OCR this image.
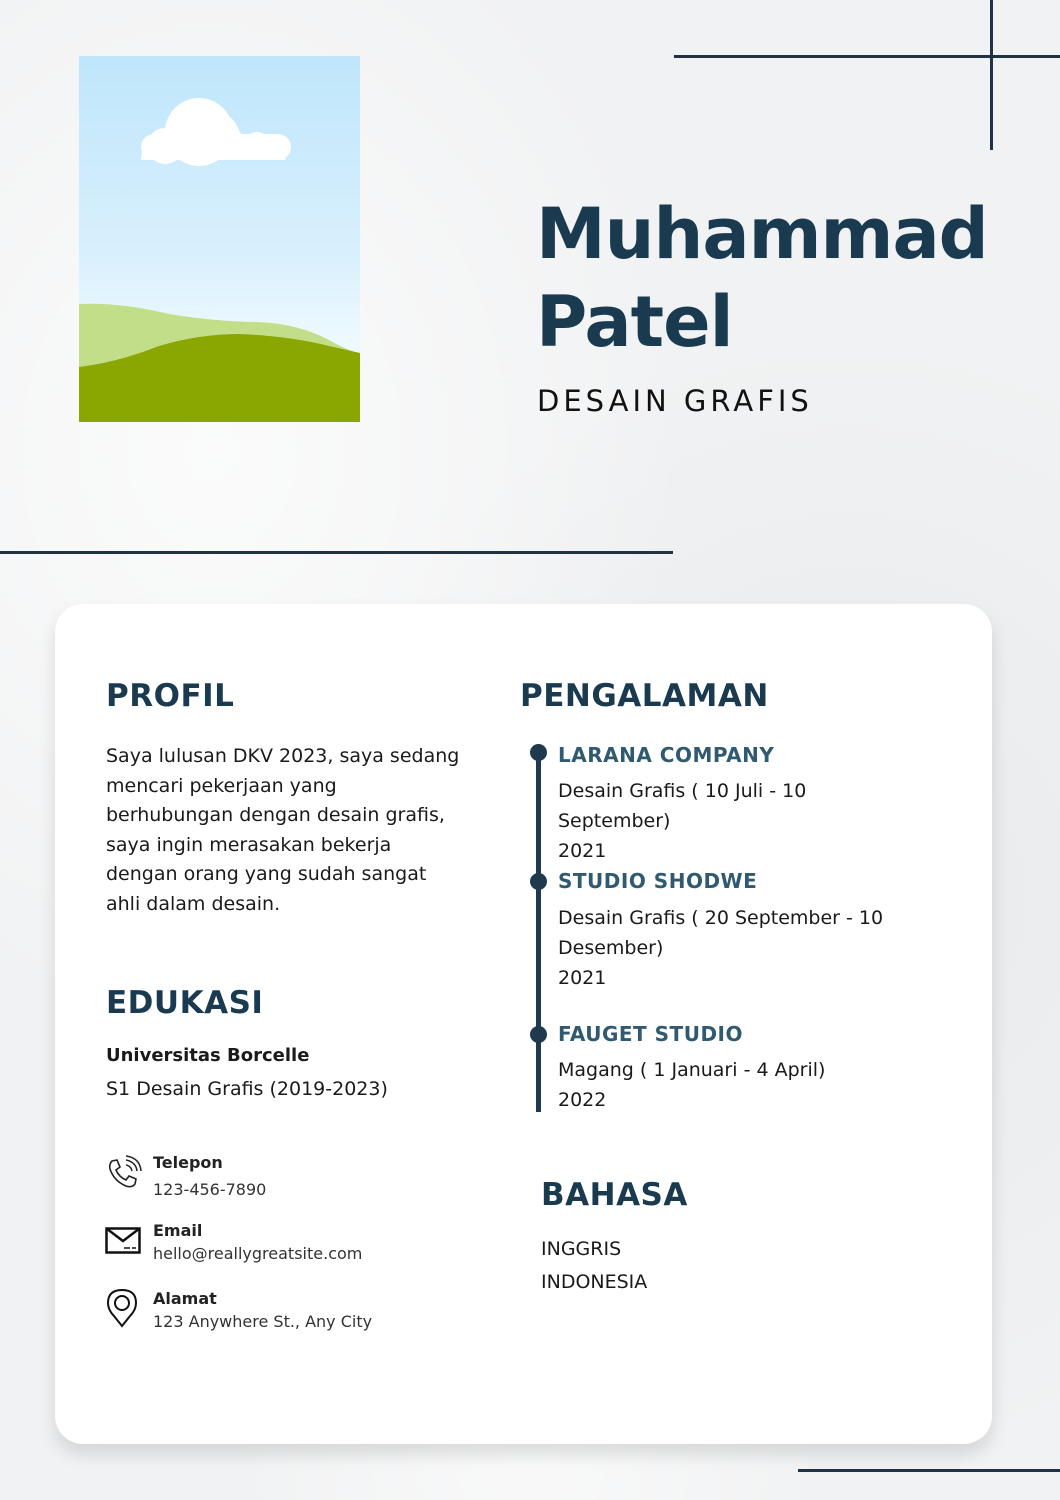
Muhammad
Patel
DESAIN GRAFIS
PROFIL
Saya lulusan DKV 2023, saya sedang
mencari pekerjaan yang
berhubungan dengan desain grafis,
saya ingin merasakan bekerja
dengan orang yang sudah sangat
ahli dalam desain.
EDUKASI
Universitas Borcelle
S1 Desain Grafis (2019-2023)
Telepon
123-456-7890
Email
hello@reallygreatsite.com
Alamat
123 Anywhere St., Any City
PENGALAMAN
LARANA COMPANY
Desain Grafis ( 10 Juli - 10 September)
2021
STUDIO SHODWE
Desain Grafis ( 20 September - 10
Desember)
2021
FAUGET STUDIO
Magang ( 1 Januari - 4 April)
2022
BAHASA
INGGRIS
INDONESIA
